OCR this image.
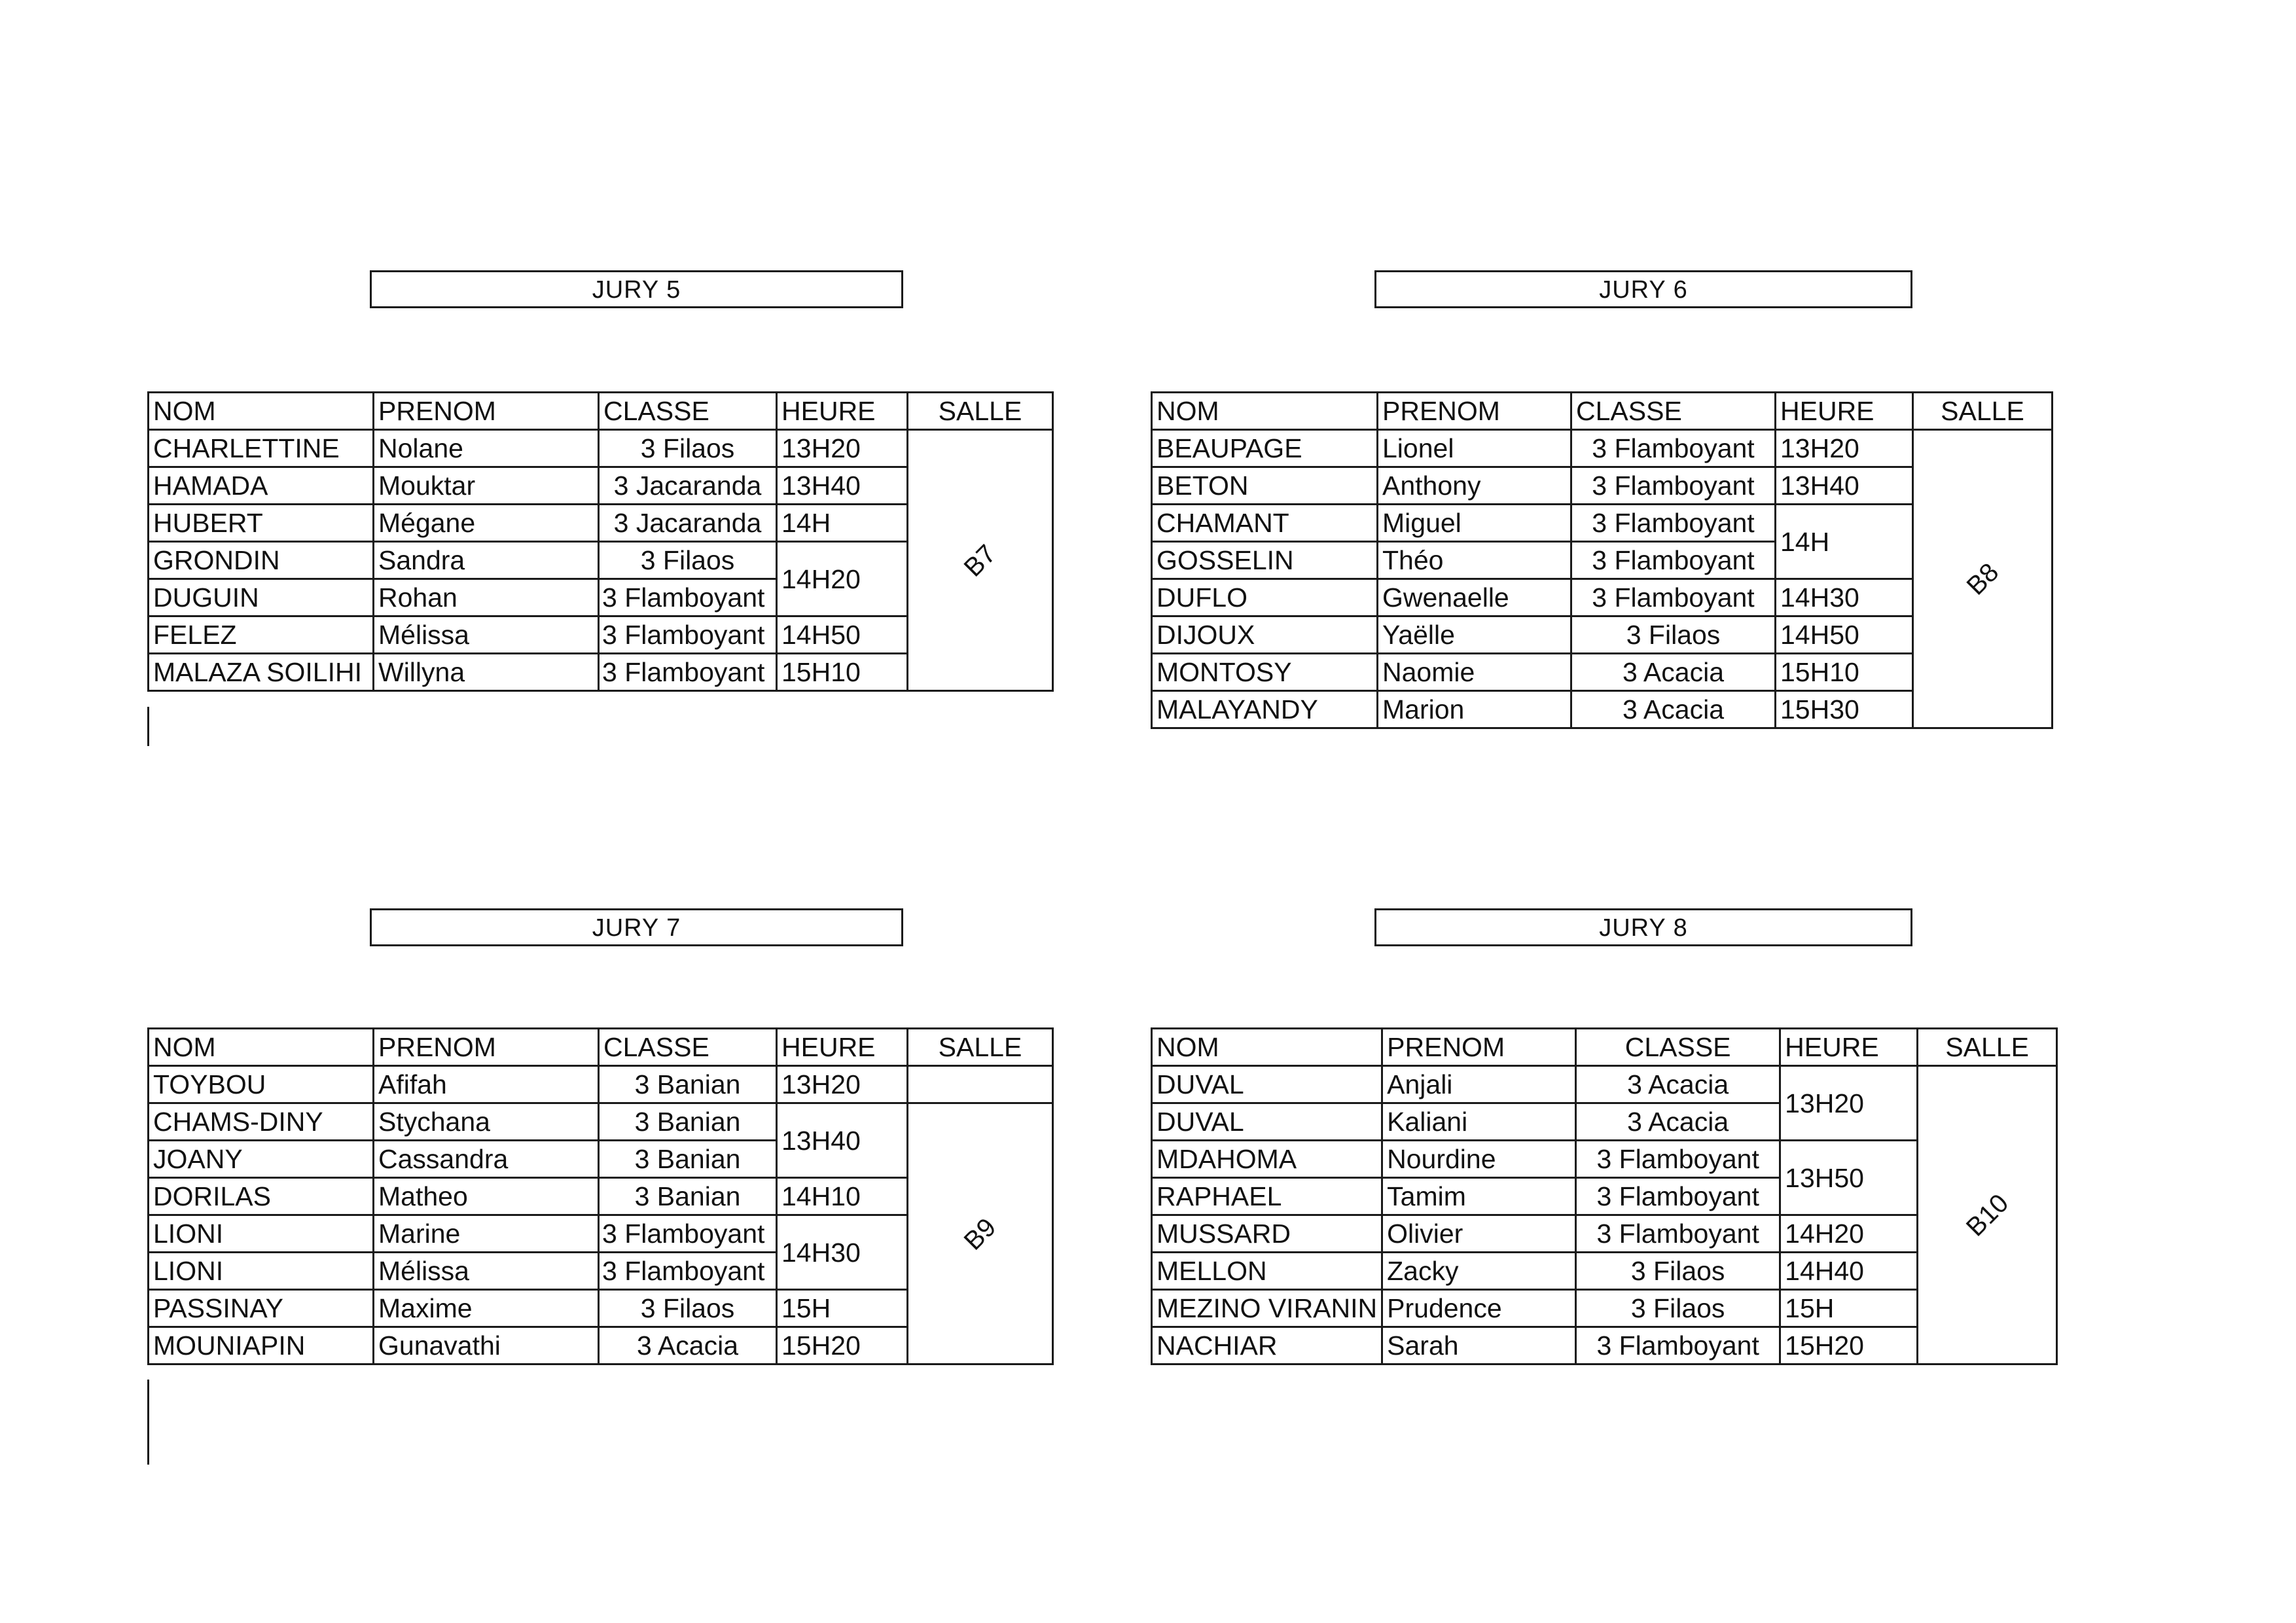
JURY 5
NOM	PRENOM	CLASSE	HEURE	SALLE
CHARLETTINE	Nolane	3 Filaos	13H20	B7
HAMADA	Mouktar	3 Jacaranda	13H40	
HUBERT	Mégane	3 Jacaranda	14H	
GRONDIN	Sandra	3 Filaos	14H20	
DUGUIN	Rohan	3 Flamboyant		
FELEZ	Mélissa	3 Flamboyant	14H50	
MALAZA SOILIHI	Willyna	3 Flamboyant	15H10	
JURY 6
NOM	PRENOM	CLASSE	HEURE	SALLE
BEAUPAGE	Lionel	3 Flamboyant	13H20	B8
BETON	Anthony	3 Flamboyant	13H40	
CHAMANT	Miguel	3 Flamboyant	14H	
GOSSELIN	Théo	3 Flamboyant		
DUFLO	Gwenaelle	3 Flamboyant	14H30	
DIJOUX	Yaëlle	3 Filaos	14H50	
MONTOSY	Naomie	3 Acacia	15H10	
MALAYANDY	Marion	3 Acacia	15H30	
JURY 7
NOM	PRENOM	CLASSE	HEURE	SALLE
TOYBOU	Afifah	3 Banian	13H20	
CHAMS-DINY	Stychana	3 Banian	13H40	B9
JOANY	Cassandra	3 Banian		
DORILAS	Matheo	3 Banian	14H10	
LIONI	Marine	3 Flamboyant	14H30	
LIONI	Mélissa	3 Flamboyant		
PASSINAY	Maxime	3 Filaos	15H	
MOUNIAPIN	Gunavathi	3 Acacia	15H20	
JURY 8
NOM	PRENOM	CLASSE	HEURE	SALLE
DUVAL	Anjali	3 Acacia	13H20	B10
DUVAL	Kaliani	3 Acacia		
MDAHOMA	Nourdine	3 Flamboyant	13H50	
RAPHAEL	Tamim	3 Flamboyant		
MUSSARD	Olivier	3 Flamboyant	14H20	
MELLON	Zacky	3 Filaos	14H40	
MEZINO VIRANIN	Prudence	3 Filaos	15H	
NACHIAR	Sarah	3 Flamboyant	15H20	
